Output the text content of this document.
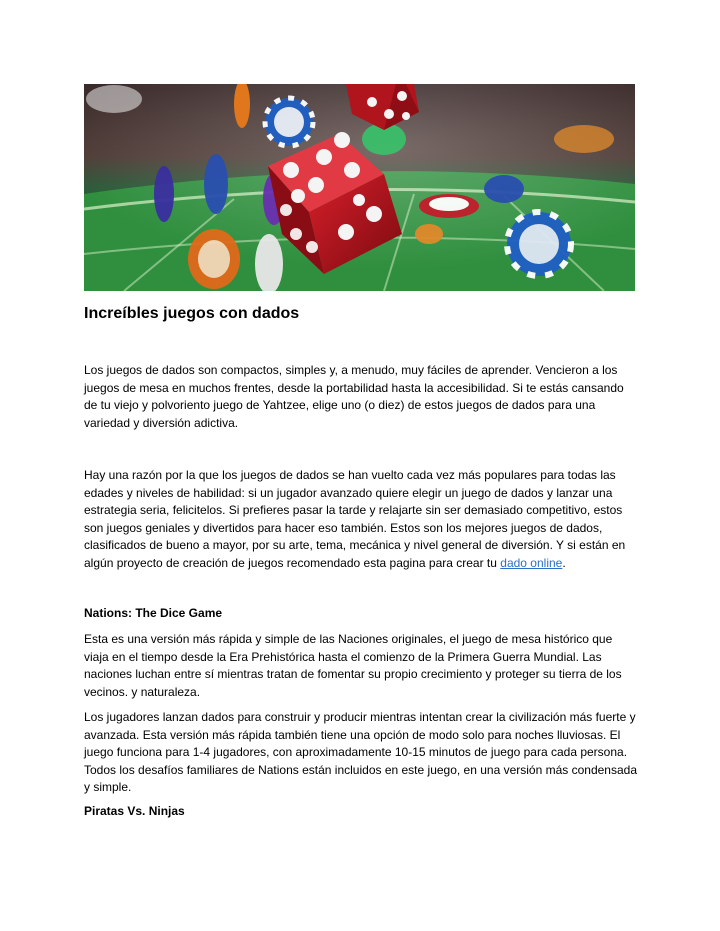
Increíbles juegos con dados

Los juegos de dados son compactos, simples y, a menudo, muy fáciles de aprender. Vencieron a los juegos de mesa en muchos frentes, desde la portabilidad hasta la accesibilidad. Si te estás cansando de tu viejo y polvoriento juego de Yahtzee, elige uno (o diez) de estos juegos de dados para una variedad y diversión adictiva.

Hay una razón por la que los juegos de dados se han vuelto cada vez más populares para todas las edades y niveles de habilidad: si un jugador avanzado quiere elegir un juego de dados y lanzar una estrategia seria, felicitelos. Si prefieres pasar la tarde y relajarte sin ser demasiado competitivo, estos son juegos geniales y divertidos para hacer eso también. Estos son los mejores juegos de dados, clasificados de bueno a mayor, por su arte, tema, mecánica y nivel general de diversión. Y si están en algún proyecto de creación de juegos recomendado esta pagina para crear tu dado online.

Nations: The Dice Game

Esta es una versión más rápida y simple de las Naciones originales, el juego de mesa histórico que viaja en el tiempo desde la Era Prehistórica hasta el comienzo de la Primera Guerra Mundial. Las naciones luchan entre sí mientras tratan de fomentar su propio crecimiento y proteger su tierra de los vecinos. y naturaleza.

Los jugadores lanzan dados para construir y producir mientras intentan crear la civilización más fuerte y avanzada. Esta versión más rápida también tiene una opción de modo solo para noches lluviosas. El juego funciona para 1-4 jugadores, con aproximadamente 10-15 minutos de juego para cada persona. Todos los desafíos familiares de Nations están incluidos en este juego, en una versión más condensada y simple.

Piratas Vs. Ninjas
